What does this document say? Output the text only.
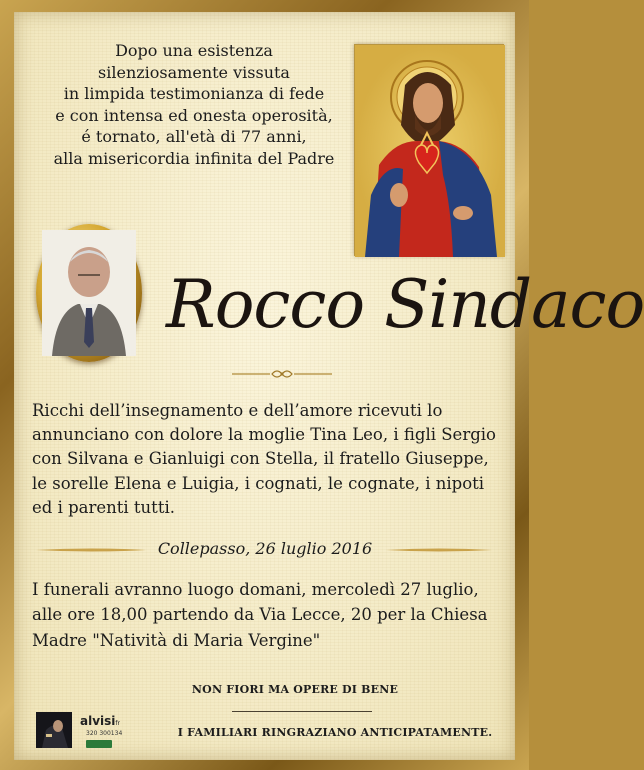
Dopo una esistenza
silenziosamente vissuta
in limpida testimonianza di fede
e con intensa ed onesta operosità,
é tornato, all'età di 77 anni,
alla misericordia infinita del Padre
Rocco Sindaco
Ricchi dell’insegnamento e dell’amore ricevuti lo
annunciano con dolore la moglie Tina Leo, i figli Sergio
con Silvana e Gianluigi con Stella, il fratello Giuseppe,
le sorelle Elena e Luigia, i cognati, le cognate, i nipoti
ed i parenti tutti.
Collepasso, 26 luglio 2016
I funerali avranno luogo domani, mercoledì 27 luglio,
alle ore 18,00 partendo da Via Lecce, 20 per la Chiesa
Madre "Natività di Maria Vergine"
NON FIORI MA OPERE DI BENE
I FAMILIARI RINGRAZIANO ANTICIPATAMENTE.
alvisifr
320 300134
